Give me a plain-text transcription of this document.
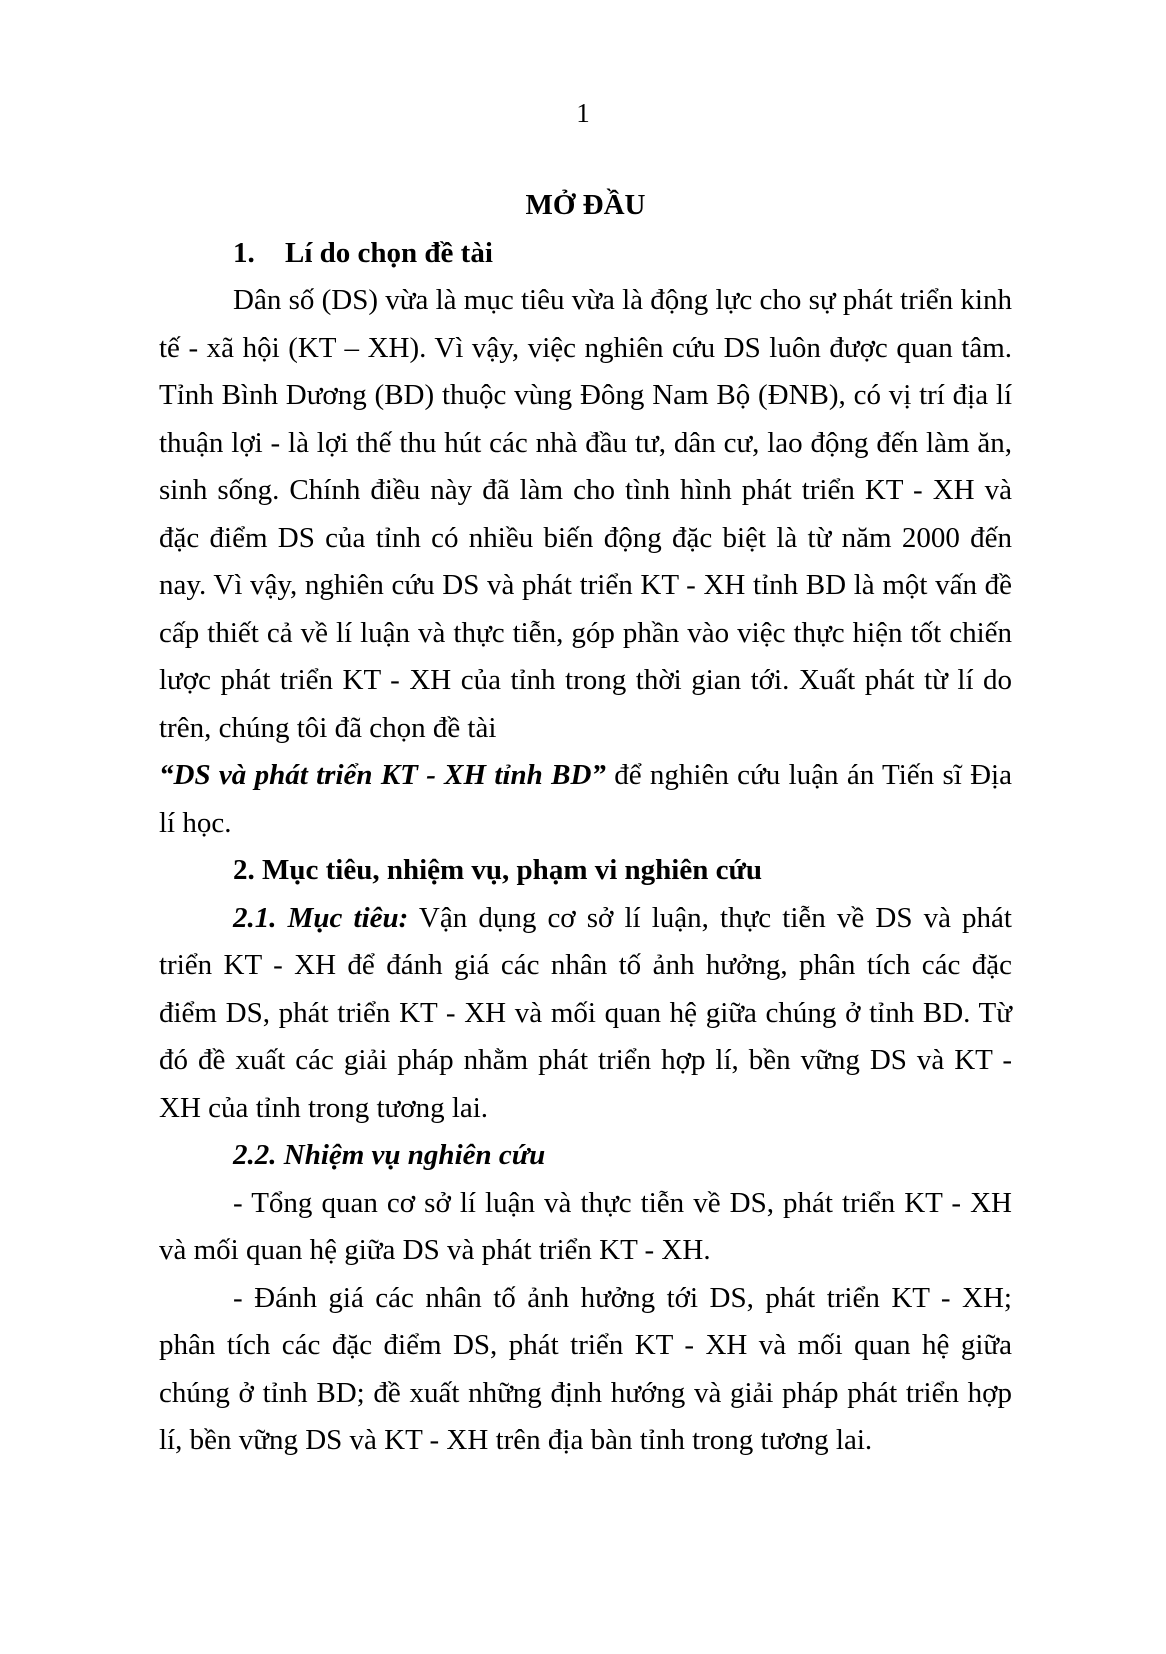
1

MỞ ĐẦU

1. Lí do chọn đề tài

Dân số (DS) vừa là mục tiêu vừa là động lực cho sự phát triển kinh tế - xã hội (KT – XH). Vì vậy, việc nghiên cứu DS luôn được quan tâm. Tỉnh Bình Dương (BD) thuộc vùng Đông Nam Bộ (ĐNB), có vị trí địa lí thuận lợi - là lợi thế thu hút các nhà đầu tư, dân cư, lao động đến làm ăn, sinh sống. Chính điều này đã làm cho tình hình phát triển KT - XH và đặc điểm DS của tỉnh có nhiều biến động đặc biệt là từ năm 2000 đến nay. Vì vậy, nghiên cứu DS và phát triển KT - XH tỉnh BD là một vấn đề cấp thiết cả về lí luận và thực tiễn, góp phần vào việc thực hiện tốt chiến lược phát triển KT - XH của tỉnh trong thời gian tới. Xuất phát từ lí do trên, chúng tôi đã chọn đề tài
“DS và phát triển KT - XH tỉnh BD” để nghiên cứu luận án Tiến sĩ Địa lí học.

2. Mục tiêu, nhiệm vụ, phạm vi nghiên cứu

2.1. Mục tiêu: Vận dụng cơ sở lí luận, thực tiễn về DS và phát triển KT - XH để đánh giá các nhân tố ảnh hưởng, phân tích các đặc điểm DS, phát triển KT - XH và mối quan hệ giữa chúng ở tỉnh BD. Từ đó đề xuất các giải pháp nhằm phát triển hợp lí, bền vững DS và KT - XH của tỉnh trong tương lai.

2.2. Nhiệm vụ nghiên cứu

- Tổng quan cơ sở lí luận và thực tiễn về DS, phát triển KT - XH và mối quan hệ giữa DS và phát triển KT - XH.

- Đánh giá các nhân tố ảnh hưởng tới DS, phát triển KT - XH; phân tích các đặc điểm DS, phát triển KT - XH và mối quan hệ giữa chúng ở tỉnh BD; đề xuất những định hướng và giải pháp phát triển hợp lí, bền vững DS và KT - XH trên địa bàn tỉnh trong tương lai.
